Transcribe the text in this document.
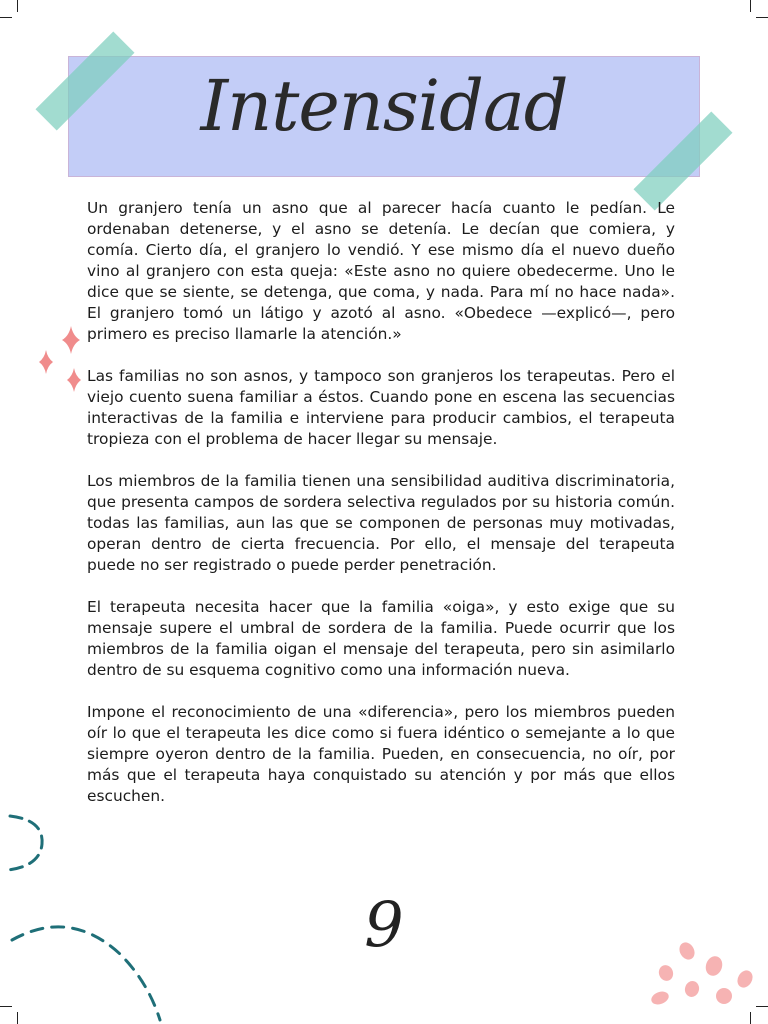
Intensidad

Un granjero tenía un asno que al parecer hacía cuanto le pedían. Le ordenaban detenerse, y el asno se detenía. Le decían que comiera, y comía. Cierto día, el granjero lo vendió. Y ese mismo día el nuevo dueño vino al granjero con esta queja: «Este asno no quiere obedecerme. Uno le dice que se siente, se detenga, que coma, y nada. Para mí no hace nada». El granjero tomó un látigo y azotó al asno. «Obedece —explicó—, pero primero es preciso llamarle la atención.»

Las familias no son asnos, y tampoco son granjeros los terapeutas. Pero el viejo cuento suena familiar a éstos. Cuando pone en escena las secuencias interactivas de la familia e interviene para producir cambios, el terapeuta tropieza con el problema de hacer llegar su mensaje.

Los miembros de la familia tienen una sensibilidad auditiva discriminatoria, que presenta campos de sordera selectiva regulados por su historia común. todas las familias, aun las que se componen de personas muy motivadas, operan dentro de cierta frecuencia. Por ello, el mensaje del terapeuta puede no ser registrado o puede perder penetración.

El terapeuta necesita hacer que la familia «oiga», y esto exige que su mensaje supere el umbral de sordera de la familia. Puede ocurrir que los miembros de la familia oigan el mensaje del terapeuta, pero sin asimilarlo dentro de su esquema cognitivo como una información nueva.

Impone el reconocimiento de una «diferencia», pero los miembros pueden oír lo que el terapeuta les dice como si fuera idéntico o semejante a lo que siempre oyeron dentro de la familia. Pueden, en consecuencia, no oír, por más que el terapeuta haya conquistado su atención y por más que ellos escuchen.

9
